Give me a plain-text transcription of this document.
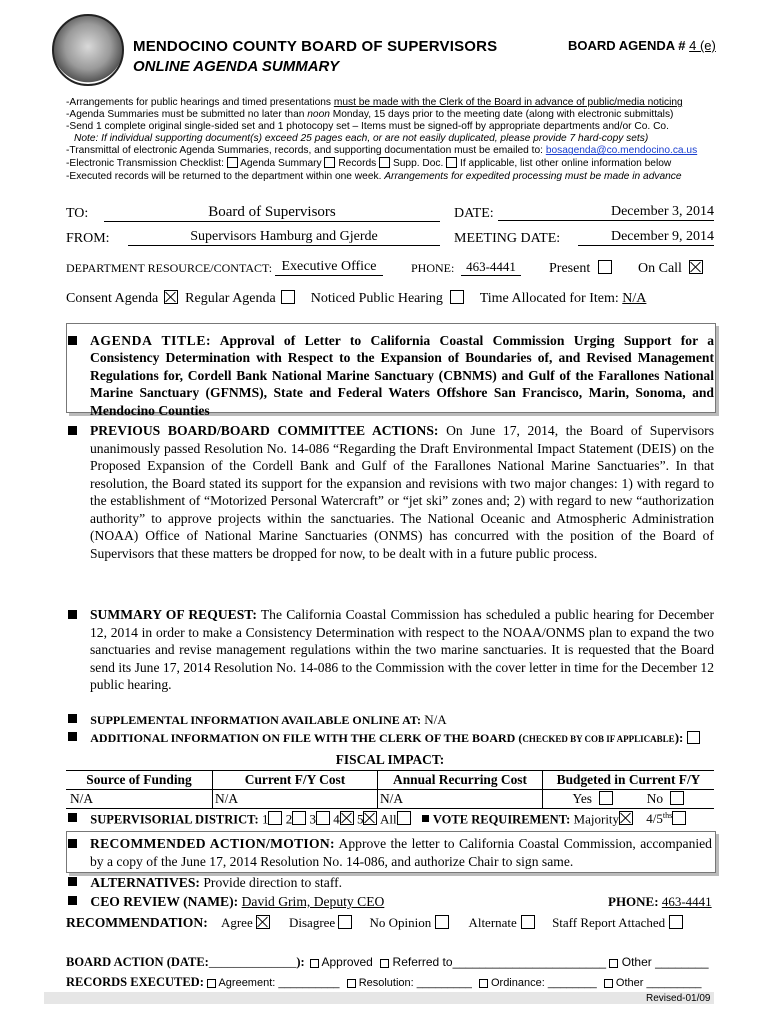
MENDOCINO COUNTY BOARD OF SUPERVISORS
ONLINE AGENDA SUMMARY
BOARD AGENDA # 4 (e)
-Arrangements for public hearings and timed presentations must be made with the Clerk of the Board in advance of public/media noticing
-Agenda Summaries must be submitted no later than noon Monday, 15 days prior to the meeting date (along with electronic submittals)
-Send 1 complete original single-sided set and 1 photocopy set – Items must be signed-off by appropriate departments and/or Co. Co.
Note: If individual supporting document(s) exceed 25 pages each, or are not easily duplicated, please provide 7 hard-copy sets)
-Transmittal of electronic Agenda Summaries, records, and supporting documentation must be emailed to: bosagenda@co.mendocino.ca.us
-Electronic Transmission Checklist: Agenda Summary Records Supp. Doc. If applicable, list other online information below
-Executed records will be returned to the department within one week. Arrangements for expedited processing must be made in advance
TO:	Board of Supervisors	DATE:	December 3, 2014
FROM:	Supervisors Hamburg and Gjerde	MEETING DATE:	December 9, 2014
DEPARTMENT RESOURCE/CONTACT: Executive Office	PHONE: 463-4441	Present	On Call
Consent Agenda Regular Agenda	Noticed Public Hearing	Time Allocated for Item: N/A
AGENDA TITLE: Approval of Letter to California Coastal Commission Urging Support for a Consistency Determination with Respect to the Expansion of Boundaries of, and Revised Management Regulations for, Cordell Bank National Marine Sanctuary (CBNMS) and Gulf of the Farallones National Marine Sanctuary (GFNMS), State and Federal Waters Offshore San Francisco, Marin, Sonoma, and Mendocino Counties
PREVIOUS BOARD/BOARD COMMITTEE ACTIONS: On June 17, 2014, the Board of Supervisors unanimously passed Resolution No. 14-086 “Regarding the Draft Environmental Impact Statement (DEIS) on the Proposed Expansion of the Cordell Bank and Gulf of the Farallones National Marine Sanctuaries”. In that resolution, the Board stated its support for the expansion and revisions with two major changes: 1) with regard to the establishment of “Motorized Personal Watercraft” or “jet ski” zones and; 2) with regard to new “authorization authority” to approve projects within the sanctuaries. The National Oceanic and Atmospheric Administration (NOAA) Office of National Marine Sanctuaries (ONMS) has concurred with the position of the Board of Supervisors that these matters be dropped for now, to be dealt with in a future public process.
SUMMARY OF REQUEST: The California Coastal Commission has scheduled a public hearing for December 12, 2014 in order to make a Consistency Determination with respect to the NOAA/ONMS plan to expand the two sanctuaries and revise management regulations within the two marine sanctuaries. It is requested that the Board send its June 17, 2014 Resolution No. 14-086 to the Commission with the cover letter in time for the December 12 public hearing.
SUPPLEMENTAL INFORMATION AVAILABLE ONLINE AT: N/A
ADDITIONAL INFORMATION ON FILE WITH THE CLERK OF THE BOARD (CHECKED BY COB IF APPLICABLE):
FISCAL IMPACT:
Source of Funding	Current F/Y Cost	Annual Recurring Cost	Budgeted in Current F/Y
N/A	N/A	N/A	Yes No
SUPERVISORIAL DISTRICT: 1 2 3 4 5 All	VOTE REQUIREMENT: Majority $4/5^{ths}$
RECOMMENDED ACTION/MOTION: Approve the letter to California Coastal Commission, accompanied by a copy of the June 17, 2014 Resolution No. 14-086, and authorize Chair to sign same.
ALTERNATIVES: Provide direction to staff.
CEO REVIEW (NAME): David Grim, Deputy CEO	PHONE: 463-4441
RECOMMENDATION: Agree	Disagree	No Opinion	Alternate	Staff Report Attached
BOARD ACTION (DATE:______________): Approved Referred to_______________________ Other ________
RECORDS EXECUTED: Agreement: __________ Resolution: _________ Ordinance: ________ Other _________
Revised-01/09
